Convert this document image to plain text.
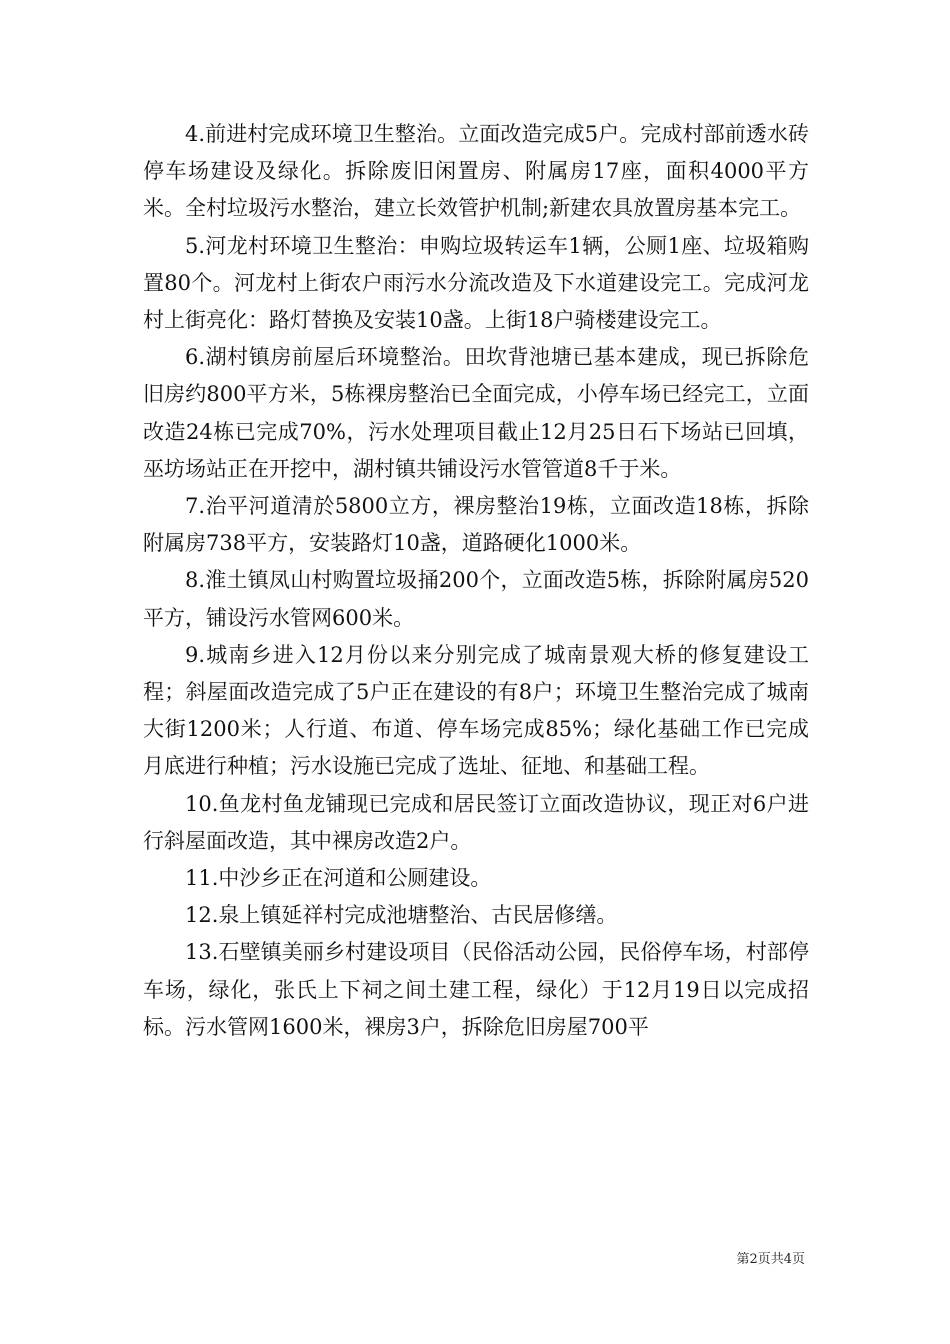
4.前进村完成环境卫生整治。立面改造完成5户。完成村部前透水砖停车场建设及绿化。拆除废旧闲置房、附属房17座，面积4000平方米。全村垃圾污水整治，建立长效管护机制;新建农具放置房基本完工。

5.河龙村环境卫生整治：申购垃圾转运车1辆，公厕1座、垃圾箱购置80个。河龙村上街农户雨污水分流改造及下水道建设完工。完成河龙村上街亮化：路灯替换及安装10盏。上街18户骑楼建设完工。

6.湖村镇房前屋后环境整治。田坎背池塘已基本建成，现已拆除危旧房约800平方米，5栋裸房整治已全面完成，小停车场已经完工，立面改造24栋已完成70%，污水处理项目截止12月25日石下场站已回填，巫坊场站正在开挖中，湖村镇共铺设污水管管道8千于米。

7.治平河道清於5800立方，裸房整治19栋，立面改造18栋，拆除附属房738平方，安装路灯10盏，道路硬化1000米。

8.淮土镇凤山村购置垃圾捅200个，立面改造5栋，拆除附属房520平方，铺设污水管网600米。

9.城南乡进入12月份以来分别完成了城南景观大桥的修复建设工程；斜屋面改造完成了5户正在建设的有8户；环境卫生整治完成了城南大街1200米；人行道、布道、停车场完成85%；绿化基础工作已完成月底进行种植；污水设施已完成了选址、征地、和基础工程。

10.鱼龙村鱼龙铺现已完成和居民签订立面改造协议，现正对6户进行斜屋面改造，其中裸房改造2户。

11.中沙乡正在河道和公厕建设。

12.泉上镇延祥村完成池塘整治、古民居修缮。

13.石壁镇美丽乡村建设项目（民俗活动公园，民俗停车场，村部停车场，绿化，张氏上下祠之间土建工程，绿化）于12月19日以完成招标。污水管网1600米，裸房3户，拆除危旧房屋700平

第2页共4页
